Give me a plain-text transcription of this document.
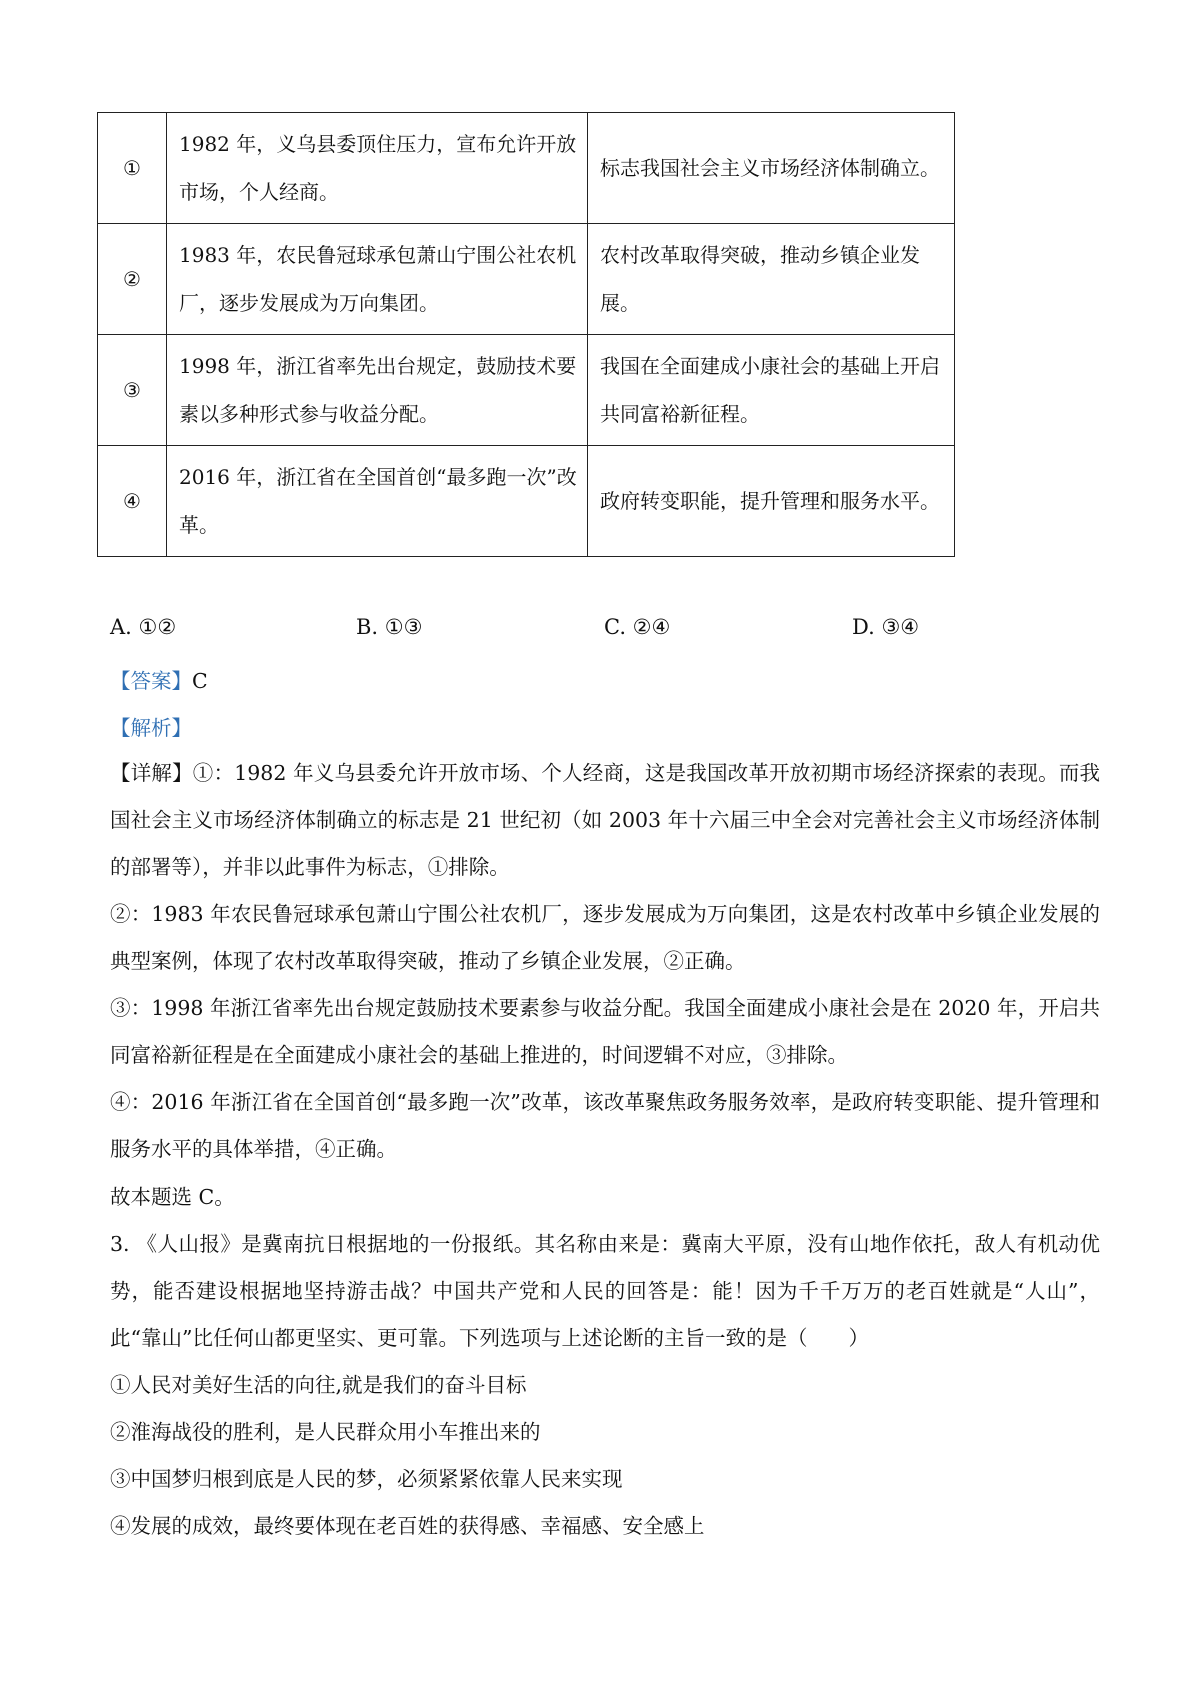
①	1982 年，义乌县委顶住压力，宣布允许开放市场，个人经商。	标志我国社会主义市场经济体制确立。

②	1983 年，农民鲁冠球承包萧山宁围公社农机厂，逐步发展成为万向集团。	农村改革取得突破，推动乡镇企业发展。

③	1998 年，浙江省率先出台规定，鼓励技术要素以多种形式参与收益分配。	我国在全面建成小康社会的基础上开启共同富裕新征程。

④	2016 年，浙江省在全国首创“最多跑一次”改革。	政府转变职能，提升管理和服务水平。
A. ①②	B. ①③	C. ②④	D. ③④
【答案】C
【解析】
【详解】①：1982 年义乌县委允许开放市场、个人经商，这是我国改革开放初期市场经济探索的表现。而我国社会主义市场经济体制确立的标志是 21 世纪初（如 2003 年十六届三中全会对完善社会主义市场经济体制的部署等），并非以此事件为标志，①排除。
②：1983 年农民鲁冠球承包萧山宁围公社农机厂，逐步发展成为万向集团，这是农村改革中乡镇企业发展的典型案例，体现了农村改革取得突破，推动了乡镇企业发展，②正确。
③：1998 年浙江省率先出台规定鼓励技术要素参与收益分配。我国全面建成小康社会是在 2020 年，开启共同富裕新征程是在全面建成小康社会的基础上推进的，时间逻辑不对应，③排除。
④：2016 年浙江省在全国首创“最多跑一次”改革，该改革聚焦政务服务效率，是政府转变职能、提升管理和服务水平的具体举措，④正确。
故本题选 C。
3. 《人山报》是冀南抗日根据地的一份报纸。其名称由来是：冀南大平原，没有山地作依托，敌人有机动优势，能否建设根据地坚持游击战？中国共产党和人民的回答是：能！因为千千万万的老百姓就是“人山”，此“靠山”比任何山都更坚实、更可靠。下列选项与上述论断的主旨一致的是（　　）
①人民对美好生活的向往,就是我们的奋斗目标
②淮海战役的胜利，是人民群众用小车推出来的
③中国梦归根到底是人民的梦，必须紧紧依靠人民来实现
④发展的成效，最终要体现在老百姓的获得感、幸福感、安全感上
